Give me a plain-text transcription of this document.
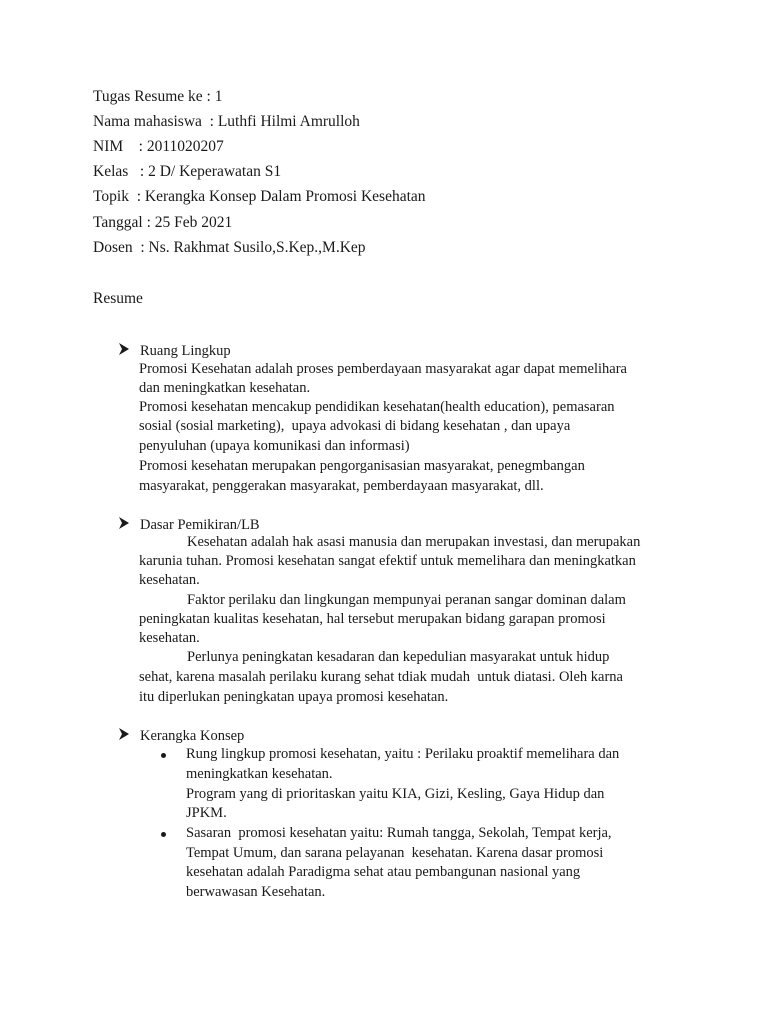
Tugas Resume ke : 1
Nama mahasiswa  : Luthfi Hilmi Amrulloh
NIM    : 2011020207
Kelas   : 2 D/ Keperawatan S1
Topik  : Kerangka Konsep Dalam Promosi Kesehatan
Tanggal : 25 Feb 2021
Dosen  : Ns. Rakhmat Susilo,S.Kep.,M.Kep
Resume

Ruang Lingkup

Promosi Kesehatan adalah proses pemberdayaan masyarakat agar dapat memelihara
dan meningkatkan kesehatan.
Promosi kesehatan mencakup pendidikan kesehatan(health education), pemasaran
sosial (sosial marketing),  upaya advokasi di bidang kesehatan , dan upaya
penyuluhan (upaya komunikasi dan informasi)
Promosi kesehatan merupakan pengorganisasian masyarakat, penegmbangan
masyarakat, penggerakan masyarakat, pemberdayaan masyarakat, dll.

Dasar Pemikiran/LB

Kesehatan adalah hak asasi manusia dan merupakan investasi, dan merupakan
karunia tuhan. Promosi kesehatan sangat efektif untuk memelihara dan meningkatkan
kesehatan.
Faktor perilaku dan lingkungan mempunyai peranan sangar dominan dalam
peningkatan kualitas kesehatan, hal tersebut merupakan bidang garapan promosi
kesehatan.
Perlunya peningkatan kesadaran dan kepedulian masyarakat untuk hidup
sehat, karena masalah perilaku kurang sehat tdiak mudah  untuk diatasi. Oleh karna
itu diperlukan peningkatan upaya promosi kesehatan.

Kerangka Konsep

Rung lingkup promosi kesehatan, yaitu : Perilaku proaktif memelihara dan
meningkatkan kesehatan.
Program yang di prioritaskan yaitu KIA, Gizi, Kesling, Gaya Hidup dan
JPKM.
Sasaran  promosi kesehatan yaitu: Rumah tangga, Sekolah, Tempat kerja,
Tempat Umum, dan sarana pelayanan  kesehatan. Karena dasar promosi
kesehatan adalah Paradigma sehat atau pembangunan nasional yang
berwawasan Kesehatan.
